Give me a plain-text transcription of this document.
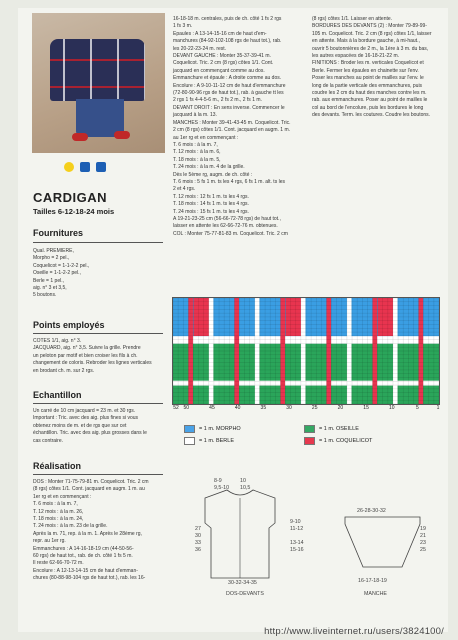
CARDIGAN
Tailles 6-12-18-24 mois
Fournitures
Qual. PREMIERE,
Morpho = 2 pel.,
Coquelicot = 1-1-2-2 pel.,
Oseille = 1-1-2-2 pel.,
Berle = 1 pel.,
aig. n° 3 et 3,5,
5 boutons.
Points employés
COTES 1/1, aig. n° 3.
JACQUARD, aig. n° 3,5. Suivre la grille. Prendre
un peloton par motif et bien croiser les fils à ch.
changement de coloris. Rebroder les lignes verticales
en brodant ch. m. sur 2 rgs.
Echantillon
Un carré de 10 cm jacquard = 23 m. et 30 rgs.
Important : Tric. avec des aig. plus fines si vous
obtenez moins de m. et de rgs que sur cet
échantillon. Tric. avec des aig. plus grosses dans le
cas contraire.
Réalisation
DOS : Monter 71-75-79-81 m. Coquelicot. Tric. 2 cm
(8 rgs) côtes 1/1. Cont. jacquard en augm. 1 m. au
1er rg et en commençant :
T. 6 mois : à la m. 7,
T. 12 mois : à la m. 26,
T. 18 mois : à la m. 24,
T. 24 mois : à la m. 23 de la grille.
Après la m. 71, rep. à la m. 1. Après le 28ème rg,
repr. au 1er rg.
Emmanchures : A 14-16-18-19 cm (44-50-56-
60 rgs) de haut tot., rab. de ch. côté 1 fs 5 m.
Il reste 62-66-70-72 m.
Encolure : A 12-13-14-15 cm de haut d'emman-
chures (80-88-98-104 rgs de haut tot.), rab. les 16-
16-18-18 m. centrales, puis de ch. côté 1 fs 2 rgs
1 fs 3 m.
Epaules : A 13-14-15-16 cm de haut d'em-
manchures (84-92-102-108 rgs de haut tot.), rab.
les 20-22-23-24 m. rest.
DEVANT GAUCHE : Monter 35-37-39-41 m.
Coquelicot. Tric. 2 cm (8 rgs) côtes 1/1. Cont.
jacquard en commençant comme au dos.
Emmanchure et épaule : A droite comme au dos.
Encolure : A 9-10-11-12 cm de haut d'emmanchure
(72-80-90-96 rgs de haut tot.), rab. à gauche tt les
2 rgs 1 fs 4-4-5-6 m., 2 fs 2 m., 2 fs 1 m.
DEVANT DROIT : En sens inverse. Commencer le
jacquard à la m. 13.
MANCHES : Monter 39-41-43-45 m. Coquelicot. Tric.
2 cm (8 rgs) côtes 1/1. Cont. jacquard en augm. 1 m.
au 1er rg et en commençant :
T. 6 mois : à la m. 7,
T. 12 mois : à la m. 6,
T. 18 mois : à la m. 5,
T. 24 mois : à la m. 4 de la grille.
Dès le 5ème rg, augm. de ch. côté :
T. 6 mois : 5 fs 1 m. ts les 4 rgs, 6 fs 1 m. alt. ts les
2 et 4 rgs.
T. 12 mois : 12 fs 1 m. ts les 4 rgs.
T. 18 mois : 14 fs 1 m. ts les 4 rgs.
T. 24 mois : 15 fs 1 m. ts les 4 rgs.
A 19-21-23-25 cm (56-66-72-78 rgs) de haut tot.,
laisser en attente les 62-66-72-76 m. obtenues.
COL : Monter 75-77-81-83 m. Coquelicot. Tric. 2 cm
(8 rgs) côtes 1/1. Laisser en attente.
BORDURES DES DEVANTS (2) : Monter 79-89-99-
105 m. Coquelicot. Tric. 2 cm (8 rgs) côtes 1/1, laisser
en attente. Mais à la bordure gauche, à mi-haut.,
ouvrir 5 boutonnières de 2 m., la 1ère à 3 m. du bas,
les autres espacées de 16-18-21-22 m.
FINITIONS : Broder les m. verticales Coquelicot et
Berle. Fermer les épaules en chainette sur l'env.
Poser les manches au point de mailles sur l'env. le
long de la partie verticale des emmanchures, puis
coudre les 2 cm du haut des manches contre les m.
rab. aux emmanchures. Poser au point de mailles le
col au bord de l'encolure, puis les bordures le long
des devants. Term. les coutures. Coudre les boutons.
52 50	45	40	35	30	25	20	15	10	5	1
= 1 m. MORPHO	= 1 m. OSEILLE
= 1 m. BERLE	= 1 m. COQUELICOT
8-9
9,5-10
10
10,5
27
30
33
36
9-10
11-12
13-14
15-16
30-32-34-35
DOS-DEVANTS
26-28-30-32
19
21
23
25
16-17-18-19
MANCHE
http://www.liveinternet.ru/users/3824100/
